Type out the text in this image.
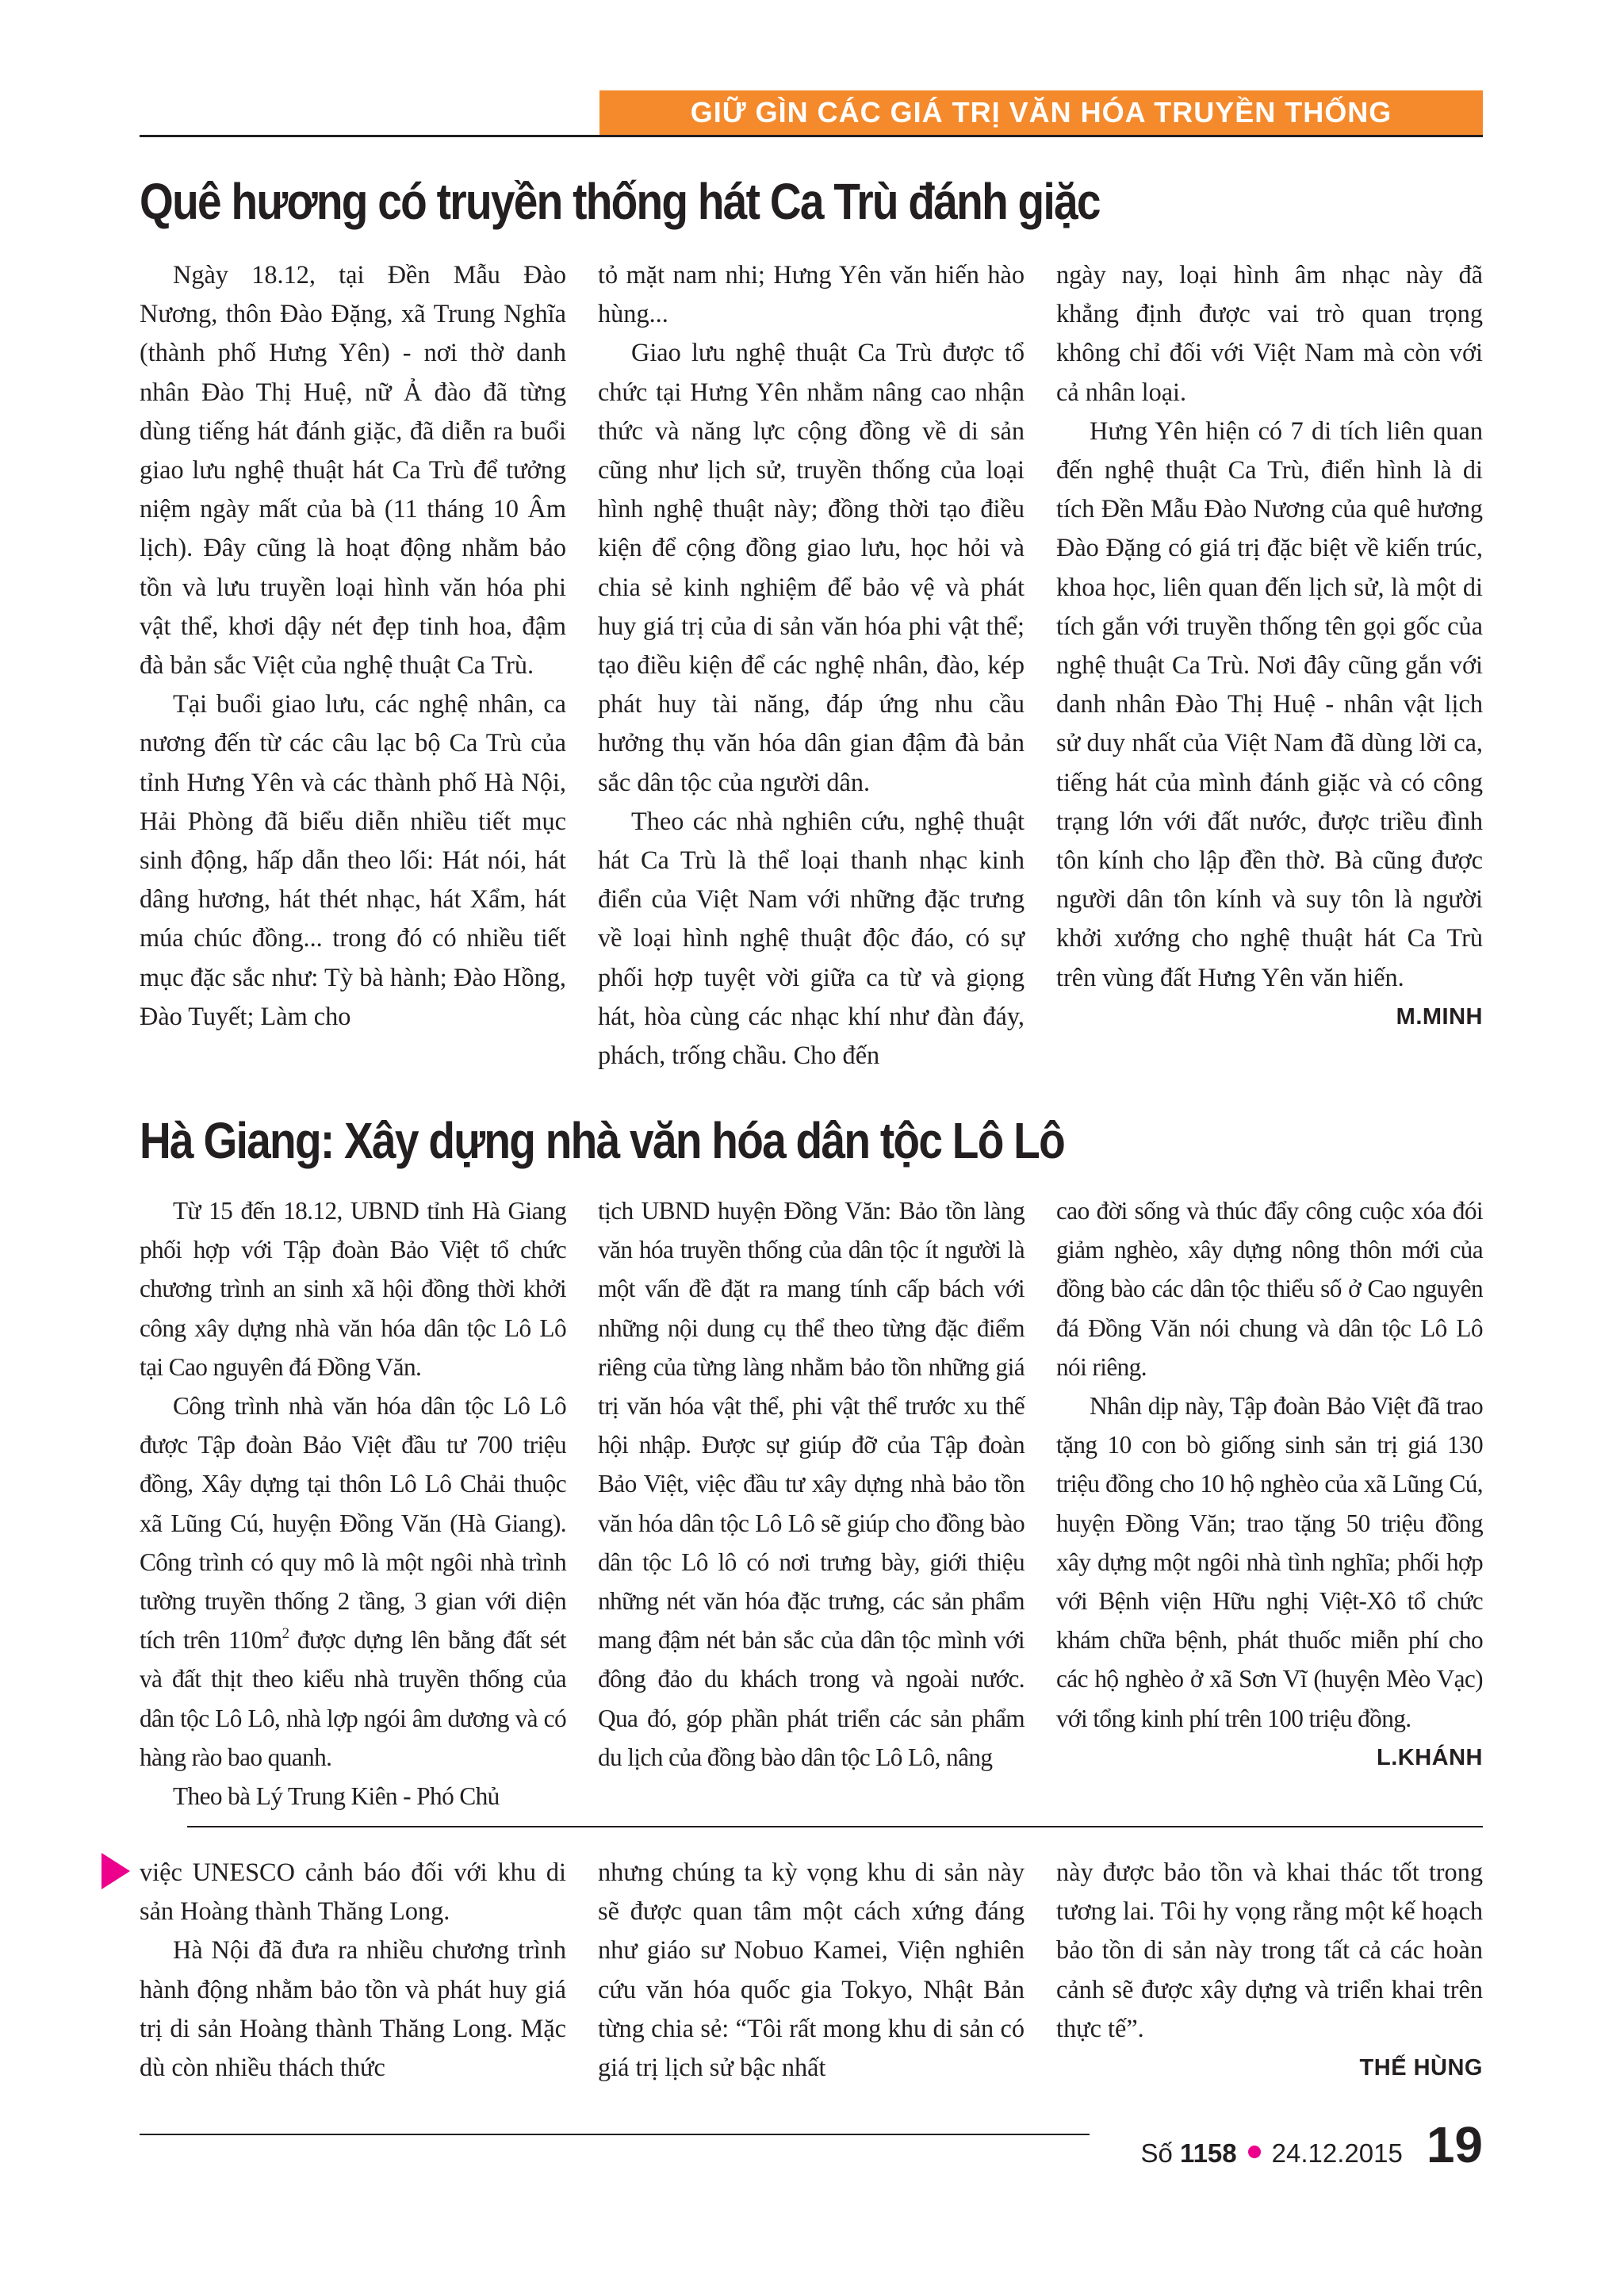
GIỮ GÌN CÁC GIÁ TRỊ VĂN HÓA TRUYỀN THỐNG
Quê hương có truyền thống hát Ca Trù đánh giặc

Ngày 18.12, tại Đền Mẫu Đào Nương, thôn Đào Đặng, xã Trung Nghĩa (thành phố Hưng Yên) - nơi thờ danh nhân Đào Thị Huệ, nữ Ả đào đã từng dùng tiếng hát đánh giặc, đã diễn ra buổi giao lưu nghệ thuật hát Ca Trù để tưởng niệm ngày mất của bà (11 tháng 10 Âm lịch). Đây cũng là hoạt động nhằm bảo tồn và lưu truyền loại hình văn hóa phi vật thể, khơi dậy nét đẹp tinh hoa, đậm đà bản sắc Việt của nghệ thuật Ca Trù.

Tại buổi giao lưu, các nghệ nhân, ca nương đến từ các câu lạc bộ Ca Trù của tỉnh Hưng Yên và các thành phố Hà Nội, Hải Phòng đã biểu diễn nhiều tiết mục sinh động, hấp dẫn theo lối: Hát nói, hát dâng hương, hát thét nhạc, hát Xẩm, hát múa chúc đồng... trong đó có nhiều tiết mục đặc sắc như: Tỳ bà hành; Đào Hồng, Đào Tuyết; Làm cho

tỏ mặt nam nhi; Hưng Yên văn hiến hào hùng...

Giao lưu nghệ thuật Ca Trù được tổ chức tại Hưng Yên nhằm nâng cao nhận thức và năng lực cộng đồng về di sản cũng như lịch sử, truyền thống của loại hình nghệ thuật này; đồng thời tạo điều kiện để cộng đồng giao lưu, học hỏi và chia sẻ kinh nghiệm để bảo vệ và phát huy giá trị của di sản văn hóa phi vật thể; tạo điều kiện để các nghệ nhân, đào, kép phát huy tài năng, đáp ứng nhu cầu hưởng thụ văn hóa dân gian đậm đà bản sắc dân tộc của người dân.

Theo các nhà nghiên cứu, nghệ thuật hát Ca Trù là thể loại thanh nhạc kinh điển của Việt Nam với những đặc trưng về loại hình nghệ thuật độc đáo, có sự phối hợp tuyệt vời giữa ca từ và giọng hát, hòa cùng các nhạc khí như đàn đáy, phách, trống chầu. Cho đến

ngày nay, loại hình âm nhạc này đã khẳng định được vai trò quan trọng không chỉ đối với Việt Nam mà còn với cả nhân loại.

Hưng Yên hiện có 7 di tích liên quan đến nghệ thuật Ca Trù, điển hình là di tích Đền Mẫu Đào Nương của quê hương Đào Đặng có giá trị đặc biệt về kiến trúc, khoa học, liên quan đến lịch sử, là một di tích gắn với truyền thống tên gọi gốc của nghệ thuật Ca Trù. Nơi đây cũng gắn với danh nhân Đào Thị Huệ - nhân vật lịch sử duy nhất của Việt Nam đã dùng lời ca, tiếng hát của mình đánh giặc và có công trạng lớn với đất nước, được triều đình tôn kính cho lập đền thờ. Bà cũng được người dân tôn kính và suy tôn là người khởi xướng cho nghệ thuật hát Ca Trù trên vùng đất Hưng Yên văn hiến.

M.MINH
Hà Giang: Xây dựng nhà văn hóa dân tộc Lô Lô

Từ 15 đến 18.12, UBND tỉnh Hà Giang phối hợp với Tập đoàn Bảo Việt tổ chức chương trình an sinh xã hội đồng thời khởi công xây dựng nhà văn hóa dân tộc Lô Lô tại Cao nguyên đá Đồng Văn.

Công trình nhà văn hóa dân tộc Lô Lô được Tập đoàn Bảo Việt đầu tư 700 triệu đồng, Xây dựng tại thôn Lô Lô Chải thuộc xã Lũng Cú, huyện Đồng Văn (Hà Giang). Công trình có quy mô là một ngôi nhà trình tường truyền thống 2 tầng, 3 gian với diện tích trên $110m^2$ được dựng lên bằng đất sét và đất thịt theo kiểu nhà truyền thống của dân tộc Lô Lô, nhà lợp ngói âm dương và có hàng rào bao quanh.

Theo bà Lý Trung Kiên - Phó Chủ

tịch UBND huyện Đồng Văn: Bảo tồn làng văn hóa truyền thống của dân tộc ít người là một vấn đề đặt ra mang tính cấp bách với những nội dung cụ thể theo từng đặc điểm riêng của từng làng nhằm bảo tồn những giá trị văn hóa vật thể, phi vật thể trước xu thế hội nhập. Được sự giúp đỡ của Tập đoàn Bảo Việt, việc đầu tư xây dựng nhà bảo tồn văn hóa dân tộc Lô Lô sẽ giúp cho đồng bào dân tộc Lô lô có nơi trưng bày, giới thiệu những nét văn hóa đặc trưng, các sản phẩm mang đậm nét bản sắc của dân tộc mình với đông đảo du khách trong và ngoài nước. Qua đó, góp phần phát triển các sản phẩm du lịch của đồng bào dân tộc Lô Lô, nâng

cao đời sống và thúc đẩy công cuộc xóa đói giảm nghèo, xây dựng nông thôn mới của đồng bào các dân tộc thiểu số ở Cao nguyên đá Đồng Văn nói chung và dân tộc Lô Lô nói riêng.

Nhân dịp này, Tập đoàn Bảo Việt đã trao tặng 10 con bò giống sinh sản trị giá 130 triệu đồng cho 10 hộ nghèo của xã Lũng Cú, huyện Đồng Văn; trao tặng 50 triệu đồng xây dựng một ngôi nhà tình nghĩa; phối hợp với Bệnh viện Hữu nghị Việt-Xô tổ chức khám chữa bệnh, phát thuốc miễn phí cho các hộ nghèo ở xã Sơn Vĩ (huyện Mèo Vạc) với tổng kinh phí trên 100 triệu đồng.

L.KHÁNH

việc UNESCO cảnh báo đối với khu di sản Hoàng thành Thăng Long.

Hà Nội đã đưa ra nhiều chương trình hành động nhằm bảo tồn và phát huy giá trị di sản Hoàng thành Thăng Long. Mặc dù còn nhiều thách thức

nhưng chúng ta kỳ vọng khu di sản này sẽ được quan tâm một cách xứng đáng như giáo sư Nobuo Kamei, Viện nghiên cứu văn hóa quốc gia Tokyo, Nhật Bản từng chia sẻ: “Tôi rất mong khu di sản có giá trị lịch sử bậc nhất

này được bảo tồn và khai thác tốt trong tương lai. Tôi hy vọng rằng một kế hoạch bảo tồn di sản này trong tất cả các hoàn cảnh sẽ được xây dựng và triển khai trên thực tế”.

THẾ HÙNG
Số 1158 24.12.2015 19
